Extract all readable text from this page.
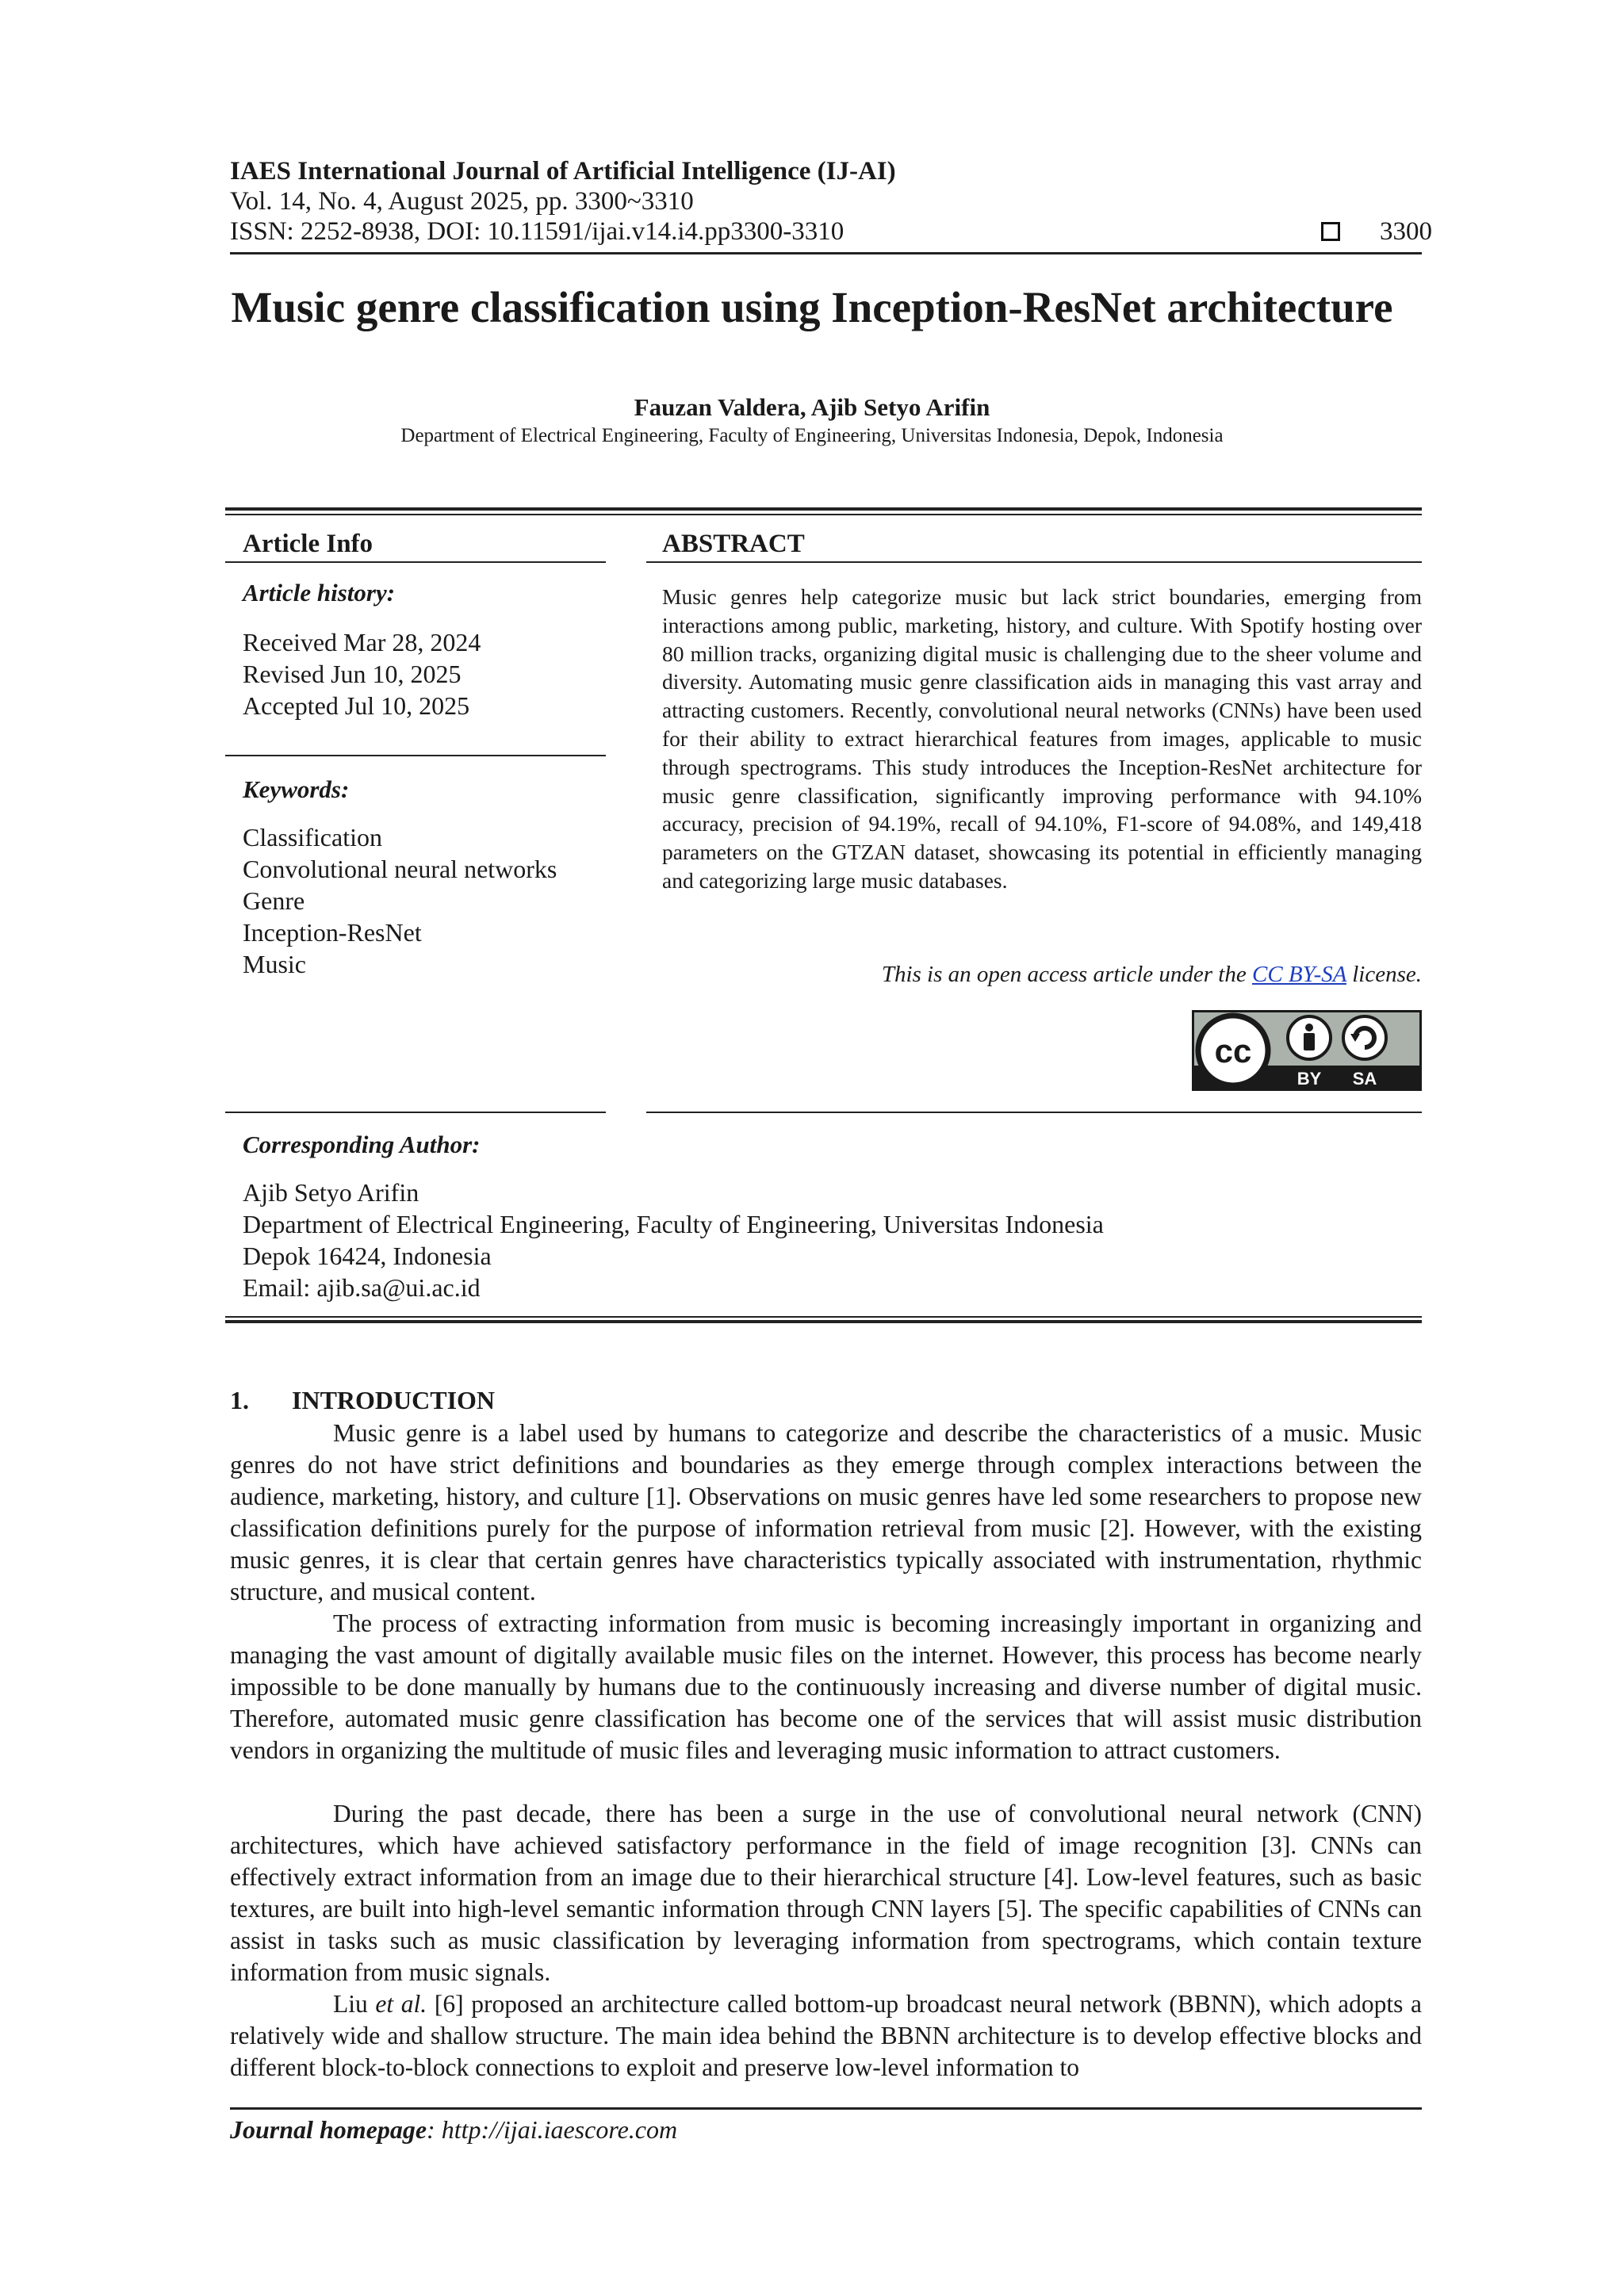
IAES International Journal of Artificial Intelligence (IJ-AI)
Vol. 14, No. 4, August 2025, pp. 3300~3310
ISSN: 2252-8938, DOI: 10.11591/ijai.v14.i4.pp3300-3310	3300
Music genre classification using Inception-ResNet architecture
Fauzan Valdera, Ajib Setyo Arifin
Department of Electrical Engineering, Faculty of Engineering, Universitas Indonesia, Depok, Indonesia
Article Info
Article history:
Received Mar 28, 2024
Revised Jun 10, 2025
Accepted Jul 10, 2025
Keywords:
Classification
Convolutional neural networks
Genre
Inception-ResNet
Music
ABSTRACT
Music genres help categorize music but lack strict boundaries, emerging from interactions among public, marketing, history, and culture. With Spotify hosting over 80 million tracks, organizing digital music is challenging due to the sheer volume and diversity. Automating music genre classification aids in managing this vast array and attracting customers. Recently, convolutional neural networks (CNNs) have been used for their ability to extract hierarchical features from images, applicable to music through spectrograms. This study introduces the Inception-ResNet architecture for music genre classification, significantly improving performance with 94.10% accuracy, precision of 94.19%, recall of 94.10%, F1-score of 94.08%, and 149,418 parameters on the GTZAN dataset, showcasing its potential in efficiently managing and categorizing large music databases.
This is an open access article under the CC BY-SA license.
cc
BY SA
Corresponding Author:
Ajib Setyo Arifin
Department of Electrical Engineering, Faculty of Engineering, Universitas Indonesia
Depok 16424, Indonesia
Email: ajib.sa@ui.ac.id
1. INTRODUCTION

Music genre is a label used by humans to categorize and describe the characteristics of a music. Music genres do not have strict definitions and boundaries as they emerge through complex interactions between the audience, marketing, history, and culture [1]. Observations on music genres have led some researchers to propose new classification definitions purely for the purpose of information retrieval from music [2]. However, with the existing music genres, it is clear that certain genres have characteristics typically associated with instrumentation, rhythmic structure, and musical content.

The process of extracting information from music is becoming increasingly important in organizing and managing the vast amount of digitally available music files on the internet. However, this process has become nearly impossible to be done manually by humans due to the continuously increasing and diverse number of digital music. Therefore, automated music genre classification has become one of the services that will assist music distribution vendors in organizing the multitude of music files and leveraging music information to attract customers.

During the past decade, there has been a surge in the use of convolutional neural network (CNN) architectures, which have achieved satisfactory performance in the field of image recognition [3]. CNNs can effectively extract information from an image due to their hierarchical structure [4]. Low-level features, such as basic textures, are built into high-level semantic information through CNN layers [5]. The specific capabilities of CNNs can assist in tasks such as music classification by leveraging information from spectrograms, which contain texture information from music signals.

Liu et al. [6] proposed an architecture called bottom-up broadcast neural network (BBNN), which adopts a relatively wide and shallow structure. The main idea behind the BBNN architecture is to develop effective blocks and different block-to-block connections to exploit and preserve low-level information to

Journal homepage: http://ijai.iaescore.com
